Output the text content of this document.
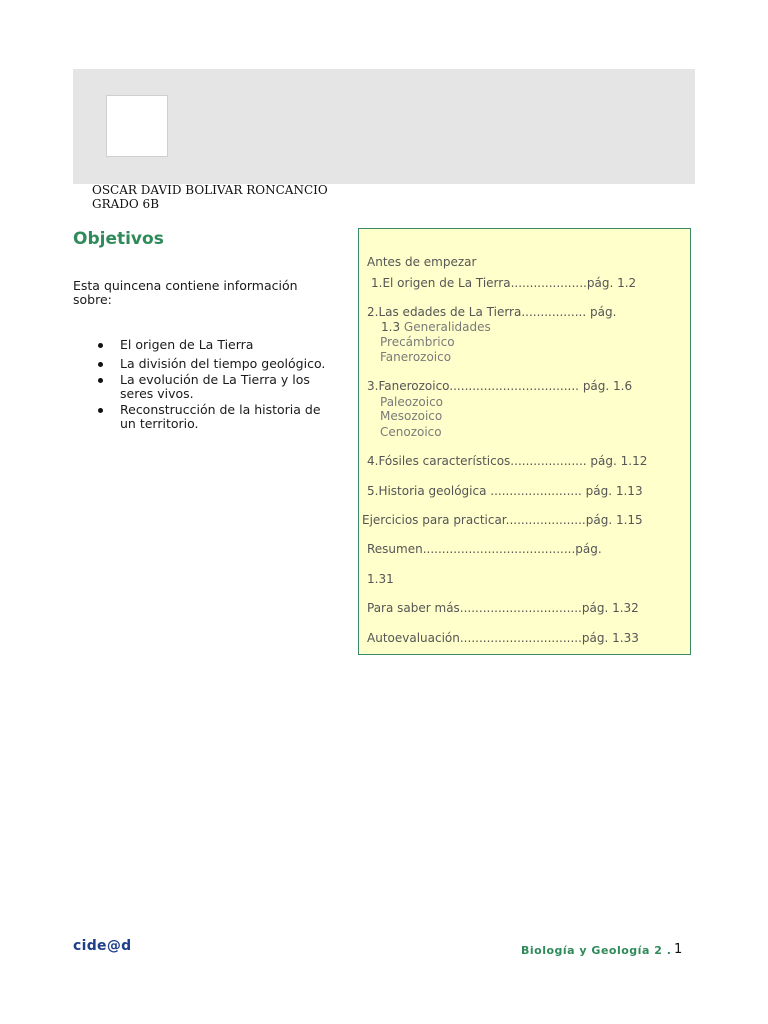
OSCAR DAVID BOLIVAR RONCANCIO
GRADO 6B
Objetivos
Esta quincena contiene información sobre:
El origen de La Tierra
La división del tiempo geológico.
La evolución de La Tierra y los seres vivos.
Reconstrucción de la historia de un territorio.
Antes de empezar
1.El origen de La Tierra....................pág. 1.2
2.Las edades de La Tierra................. pág.
1.3 Generalidades
Precámbrico
Fanerozoico
3.Fanerozoico.................................. pág. 1.6
Paleozoico
Mesozoico
Cenozoico
4.Fósiles característicos.................... pág. 1.12
5.Historia geológica ........................ pág. 1.13
Ejercicios para practicar.....................pág. 1.15
Resumen........................................pág.
1.31
Para saber más................................pág. 1.32
Autoevaluación................................pág. 1.33
cide@d	Biología y Geología 2 . 1
